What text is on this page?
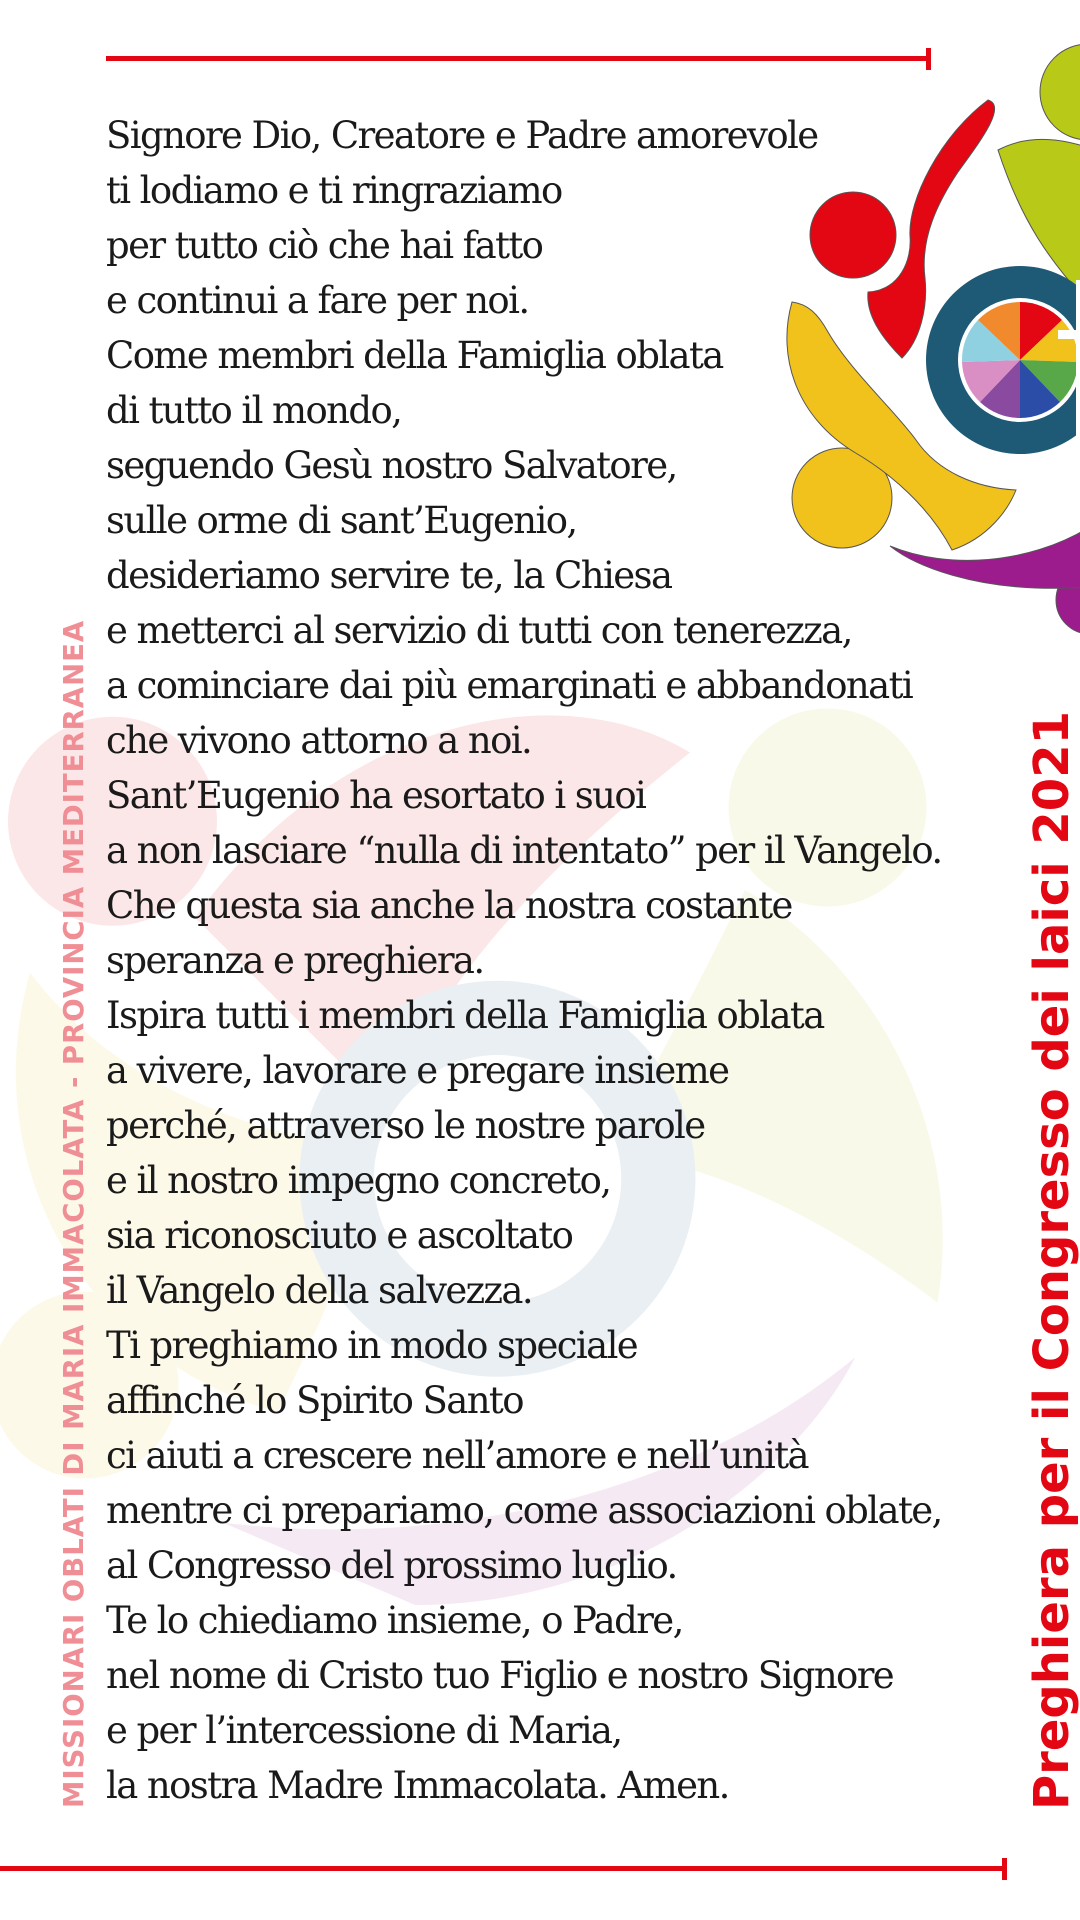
Signore Dio, Creatore e Padre amorevole
ti lodiamo e ti ringraziamo
per tutto ciò che hai fatto
e continui a fare per noi.
Come membri della Famiglia oblata
di tutto il mondo,
seguendo Gesù nostro Salvatore,
sulle orme di sant’Eugenio,
desideriamo servire te, la Chiesa
e metterci al servizio di tutti con tenerezza,
a cominciare dai più emarginati e abbandonati
che vivono attorno a noi.
Sant’Eugenio ha esortato i suoi
a non lasciare “nulla di intentato” per il Vangelo.
Che questa sia anche la nostra costante
speranza e preghiera.
Ispira tutti i membri della Famiglia oblata
a vivere, lavorare e pregare insieme
perché, attraverso le nostre parole
e il nostro impegno concreto,
sia riconosciuto e ascoltato
il Vangelo della salvezza.
Ti preghiamo in modo speciale
affinché lo Spirito Santo
ci aiuti a crescere nell’amore e nell’unità
mentre ci prepariamo, come associazioni oblate,
al Congresso del prossimo luglio.
Te lo chiediamo insieme, o Padre,
nel nome di Cristo tuo Figlio e nostro Signore
e per l’intercessione di Maria,
la nostra Madre Immacolata. Amen.
MISSIONARI OBLATI DI MARIA IMMACOLATA - PROVINCIA MEDITERRANEA	Preghiera per il Congresso dei laici 2021
